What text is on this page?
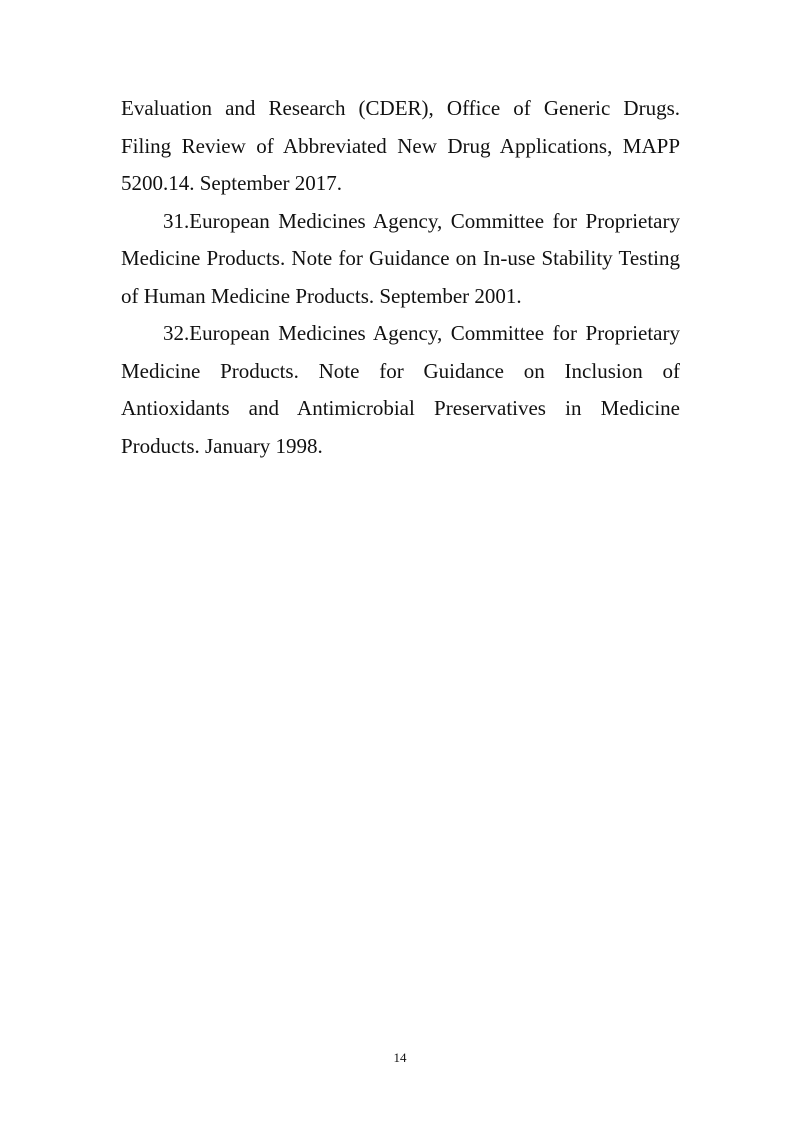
Evaluation and Research (CDER), Office of Generic Drugs. Filing Review of Abbreviated New Drug Applications, MAPP 5200.14. September 2017.

31.European Medicines Agency, Committee for Proprietary Medicine Products. Note for Guidance on In-use Stability Testing of Human Medicine Products. September 2001.

32.European Medicines Agency, Committee for Proprietary Medicine Products. Note for Guidance on Inclusion of Antioxidants and Antimicrobial Preservatives in Medicine Products. January 1998.

14
